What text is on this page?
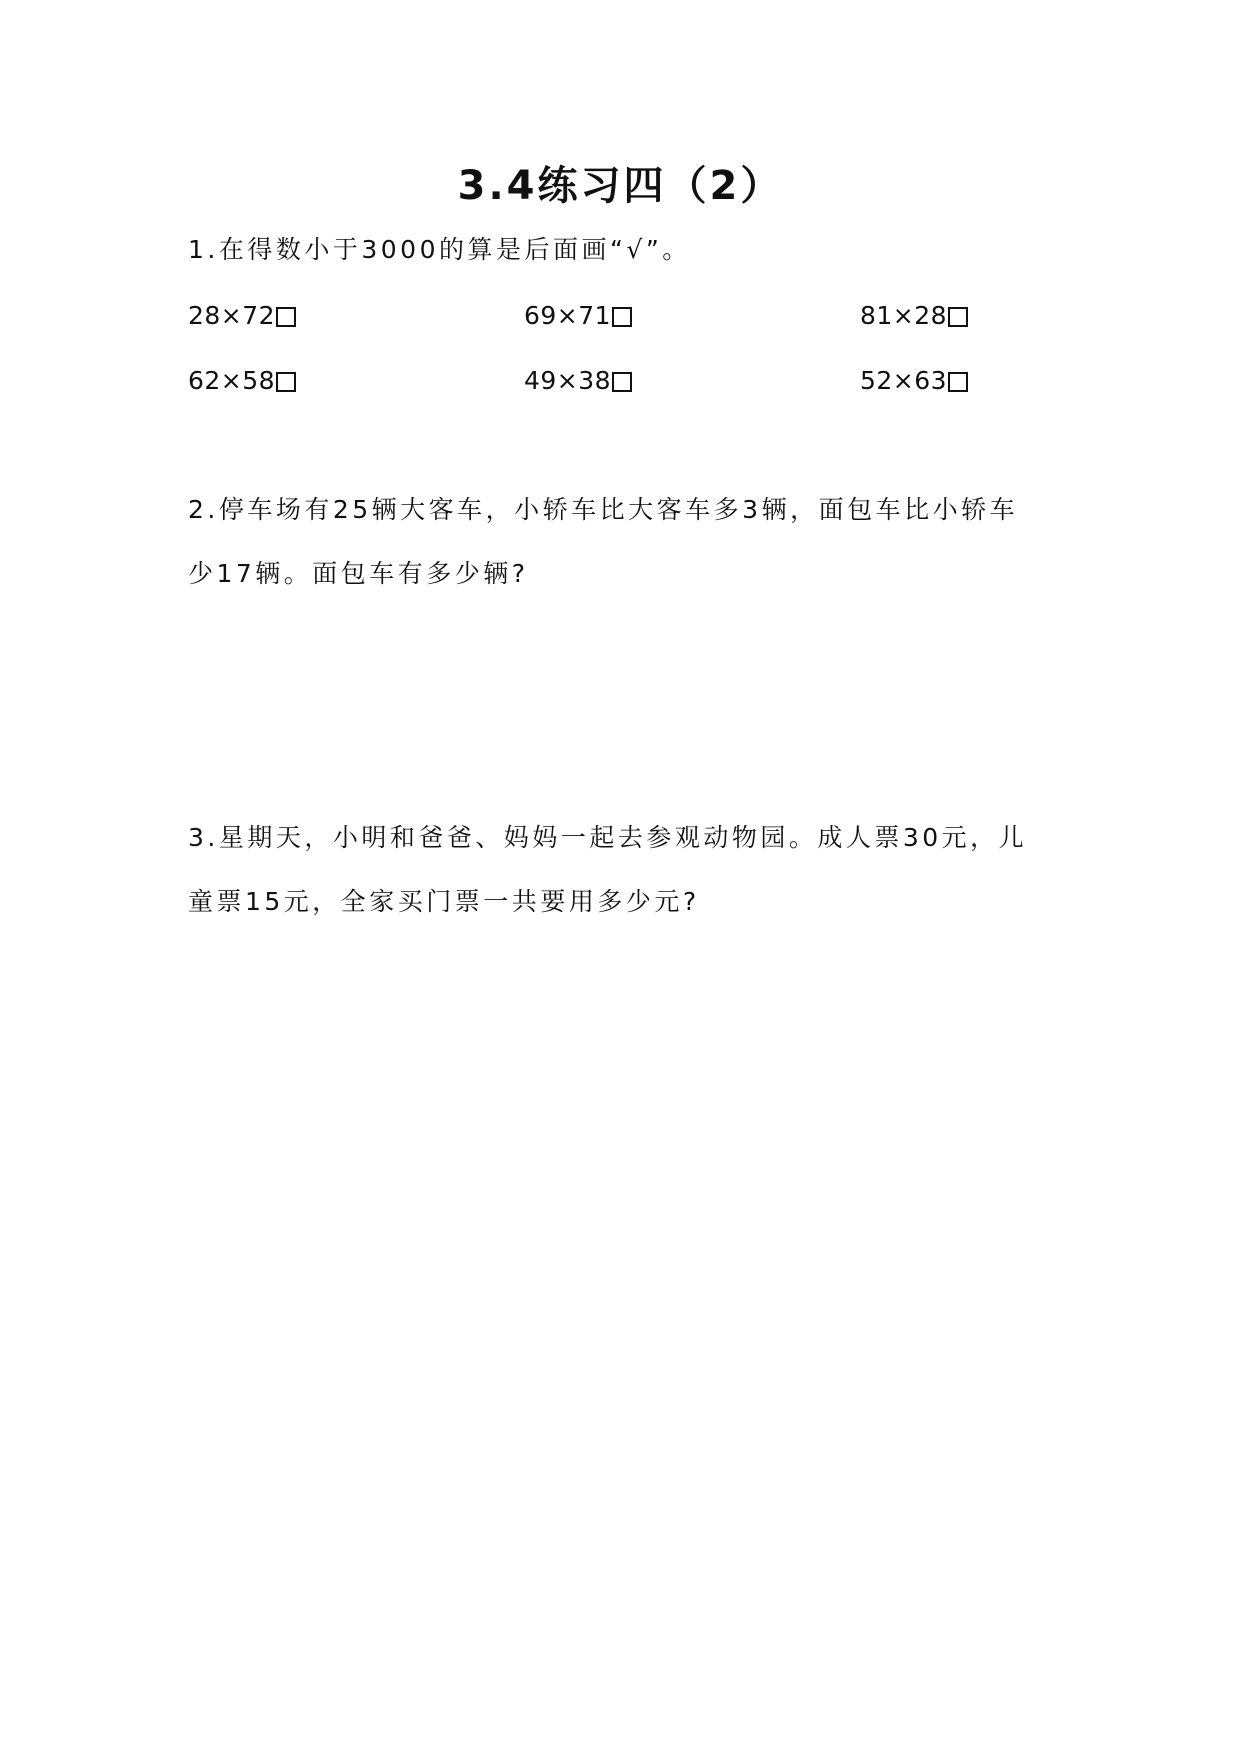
3.4练习四（2）
1.在得数小于3000的算是后面画“√”。
28×72	69×71	81×28
62×58	49×38	52×63
2.停车场有25辆大客车，小轿车比大客车多3辆，面包车比小轿车
少17辆。面包车有多少辆?
3.星期天，小明和爸爸、妈妈一起去参观动物园。成人票30元，儿
童票15元，全家买门票一共要用多少元?
